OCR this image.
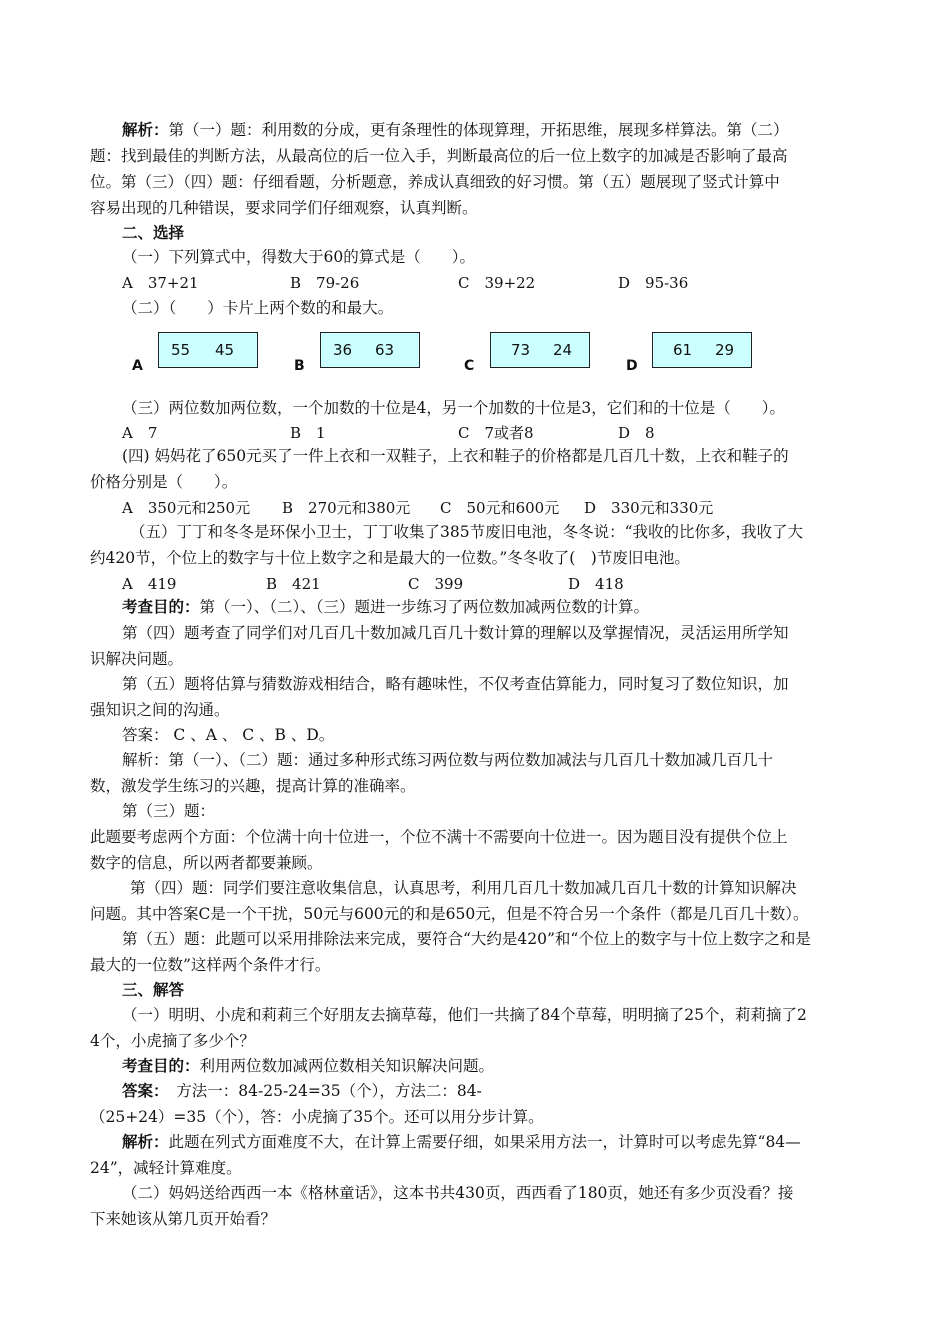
解析：第（一）题：利用数的分成，更有条理性的体现算理，开拓思维，展现多样算法。第（二）
题：找到最佳的判断方法，从最高位的后一位入手，判断最高位的后一位上数字的加减是否影响了最高
位。第（三）（四）题：仔细看题，分析题意，养成认真细致的好习惯。第（五）题展现了竖式计算中
容易出现的几种错误，要求同学们仔细观察，认真判断。
二、选择
（一）下列算式中，得数大于60的算式是（　　）。
A　37+21	B　79-26	C　39+22	D　95-36
（二）（　　）卡片上两个数的和最大。
A
55 45
B
36 63
C
73 24
D
61 29
（三）两位数加两位数，一个加数的十位是4，另一个加数的十位是3，它们和的十位是（　　）。
A　7	B　1	C　7或者8	D　8
(四) 妈妈花了650元买了一件上衣和一双鞋子，上衣和鞋子的价格都是几百几十数，上衣和鞋子的
价格分别是（　　）。
A　350元和250元 B　270元和380元 C　50元和600元 D　330元和330元
（五）丁丁和冬冬是环保小卫士，丁丁收集了385节废旧电池，冬冬说：“我收的比你多，我收了大
约420节，个位上的数字与十位上数字之和是最大的一位数。”冬冬收了(　)节废旧电池。
A　419	B　421	C　399	D　418
考查目的：第（一）、（二）、（三）题进一步练习了两位数加减两位数的计算。
第（四）题考查了同学们对几百几十数加减几百几十数计算的理解以及掌握情况，灵活运用所学知
识解决问题。
第（五）题将估算与猜数游戏相结合，略有趣味性，不仅考查估算能力，同时复习了数位知识，加
强知识之间的沟通。
答案： C 、A 、 C 、B 、D。
解析：第（一）、（二）题：通过多种形式练习两位数与两位数加减法与几百几十数加减几百几十
数，激发学生练习的兴趣，提高计算的准确率。
第（三）题：
此题要考虑两个方面：个位满十向十位进一，个位不满十不需要向十位进一。因为题目没有提供个位上
数字的信息，所以两者都要兼顾。
第（四）题：同学们要注意收集信息，认真思考，利用几百几十数加减几百几十数的计算知识解决
问题。其中答案C是一个干扰，50元与600元的和是650元，但是不符合另一个条件（都是几百几十数）。
第（五）题：此题可以采用排除法来完成，要符合“大约是420”和“个位上的数字与十位上数字之和是
最大的一位数”这样两个条件才行。
三、解答
（一）明明、小虎和莉莉三个好朋友去摘草莓，他们一共摘了84个草莓，明明摘了25个，莉莉摘了2
4个，小虎摘了多少个？
考查目的：利用两位数加减两位数相关知识解决问题。
答案：　方法一：84-25-24=35（个），方法二：84-
（25+24）=35（个），答：小虎摘了35个。还可以用分步计算。
解析：此题在列式方面难度不大，在计算上需要仔细，如果采用方法一，计算时可以考虑先算“84—
24”，减轻计算难度。
（二）妈妈送给西西一本《格林童话》，这本书共430页，西西看了180页，她还有多少页没看？接
下来她该从第几页开始看？
